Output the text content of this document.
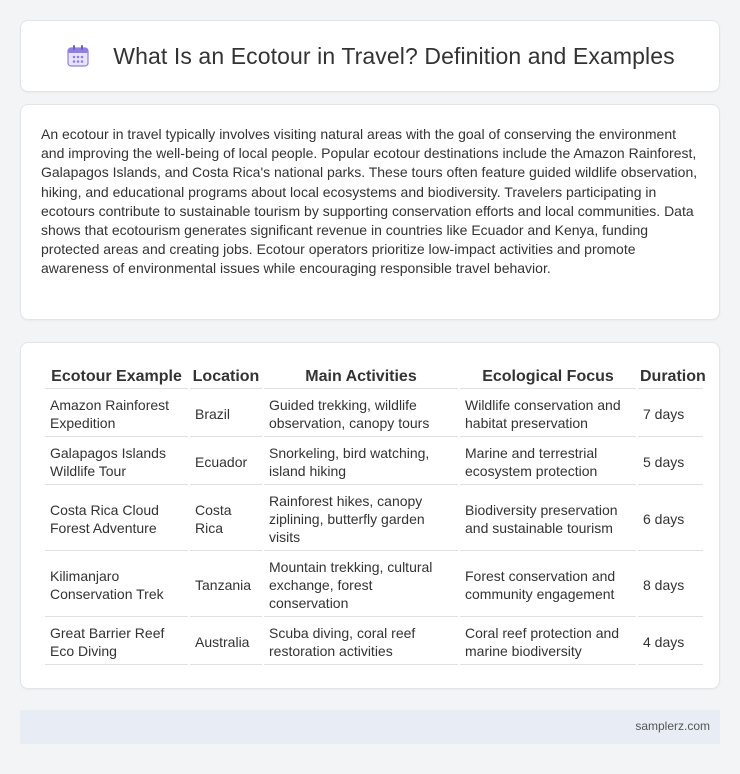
What Is an Ecotour in Travel? Definition and Examples

An ecotour in travel typically involves visiting natural areas with the goal of conserving the environment and improving the well-being of local people. Popular ecotour destinations include the Amazon Rainforest, Galapagos Islands, and Costa Rica's national parks. These tours often feature guided wildlife observation, hiking, and educational programs about local ecosystems and biodiversity. Travelers participating in ecotours contribute to sustainable tourism by supporting conservation efforts and local communities. Data shows that ecotourism generates significant revenue in countries like Ecuador and Kenya, funding protected areas and creating jobs. Ecotour operators prioritize low-impact activities and promote awareness of environmental issues while encouraging responsible travel behavior.

Ecotour Example	Location	Main Activities	Ecological Focus	Duration
Amazon Rainforest Expedition	Brazil	Guided trekking, wildlife observation, canopy tours	Wildlife conservation and habitat preservation	7 days
Galapagos Islands Wildlife Tour	Ecuador	Snorkeling, bird watching, island hiking	Marine and terrestrial ecosystem protection	5 days
Costa Rica Cloud Forest Adventure	Costa Rica	Rainforest hikes, canopy ziplining, butterfly garden visits	Biodiversity preservation and sustainable tourism	6 days
Kilimanjaro Conservation Trek	Tanzania	Mountain trekking, cultural exchange, forest conservation	Forest conservation and community engagement	8 days
Great Barrier Reef Eco Diving	Australia	Scuba diving, coral reef restoration activities	Coral reef protection and marine biodiversity	4 days
samplerz.com
